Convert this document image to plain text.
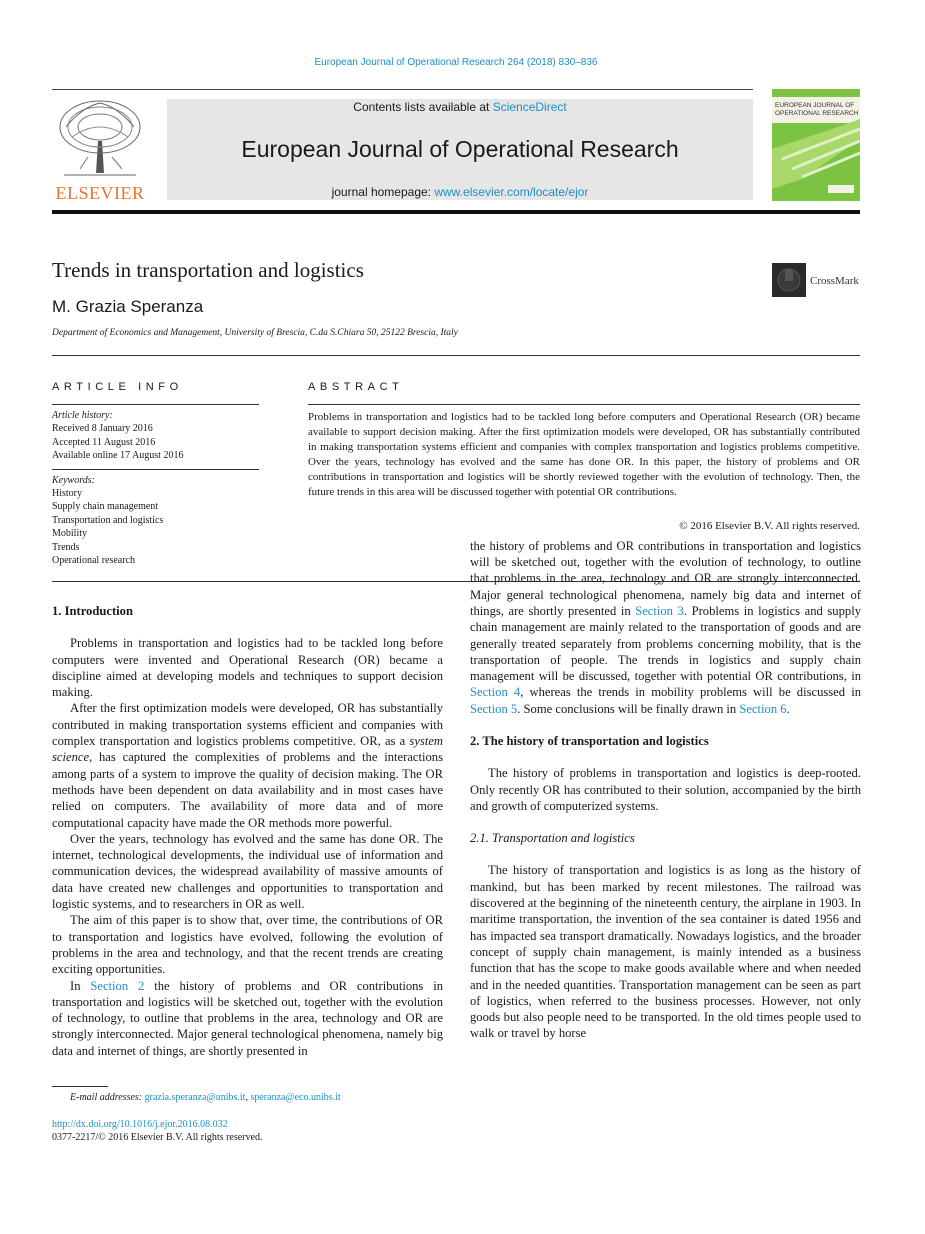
European Journal of Operational Research 264 (2018) 830–836
ELSEVIER
Contents lists available at ScienceDirect
European Journal of Operational Research
journal homepage: www.elsevier.com/locate/ejor
EUROPEAN JOURNAL OF OPERATIONAL RESEARCH
Trends in transportation and logistics	CrossMark
M. Grazia Speranza
Department of Economics and Management, University of Brescia, C.da S.Chiara 50, 25122 Brescia, Italy
ARTICLE INFO
Article history:
Received 8 January 2016
Accepted 11 August 2016
Available online 17 August 2016
Keywords:
History
Supply chain management
Transportation and logistics
Mobility
Trends
Operational research
ABSTRACT
Problems in transportation and logistics had to be tackled long before computers and Operational Research (OR) became available to support decision making. After the first optimization models were developed, OR has substantially contributed in making transportation systems efficient and companies with complex transportation and logistics problems competitive. Over the years, technology has evolved and the same has done OR. In this paper, the history of problems and OR contributions in transportation and logistics will be shortly reviewed together with the evolution of technology. Then, the future trends in this area will be discussed together with potential OR contributions.
© 2016 Elsevier B.V. All rights reserved.
1. Introduction

Problems in transportation and logistics had to be tackled long before computers were invented and Operational Research (OR) became a discipline aimed at developing models and techniques to support decision making.

After the first optimization models were developed, OR has substantially contributed in making transportation systems efficient and companies with complex transportation and logistics problems competitive. OR, as a system science, has captured the complexities of problems and the interactions among parts of a system to improve the quality of decision making. The OR methods have been dependent on data availability and in most cases have relied on computers. The availability of more data and of more computational capacity have made the OR methods more powerful.

Over the years, technology has evolved and the same has done OR. The internet, technological developments, the individual use of information and communication devices, the widespread availability of massive amounts of data have created new challenges and opportunities to transportation and logistic systems, and to researchers in OR as well.

The aim of this paper is to show that, over time, the contributions of OR to transportation and logistics have evolved, following the evolution of problems in the area and technology, and that the recent trends are creating exciting opportunities.

In Section 2 the history of problems and OR contributions in transportation and logistics will be sketched out, together with the evolution of technology, to outline that problems in the area, technology and OR are strongly interconnected. Major general technological phenomena, namely big data and internet of things, are shortly presented in

the history of problems and OR contributions in transportation and logistics will be sketched out, together with the evolution of technology, to outline that problems in the area, technology and OR are strongly interconnected. Major general technological phenomena, namely big data and internet of things, are shortly presented in Section 3. Problems in logistics and supply chain management are mainly related to the transportation of goods and are generally treated separately from problems concerning mobility, that is the transportation of people. The trends in logistics and supply chain management will be discussed, together with potential OR contributions, in Section 4, whereas the trends in mobility problems will be discussed in Section 5. Some conclusions will be finally drawn in Section 6.

2. The history of transportation and logistics

The history of problems in transportation and logistics is deep-rooted. Only recently OR has contributed to their solution, accompanied by the birth and growth of computerized systems.

2.1. Transportation and logistics

The history of transportation and logistics is as long as the history of mankind, but has been marked by recent milestones. The railroad was discovered at the beginning of the nineteenth century, the airplane in 1903. In maritime transportation, the invention of the sea container is dated 1956 and has impacted sea transport dramatically. Nowadays logistics, and the broader concept of supply chain management, is mainly intended as a business function that has the scope to make goods available where and when needed and in the needed quantities. Transportation management can be seen as part of logistics, when referred to the business processes. However, not only goods but also people need to be transported. In the old times people used to walk or travel by horse

E-mail addresses: grazia.speranza@unibs.it, speranza@eco.unibs.it
http://dx.doi.org/10.1016/j.ejor.2016.08.032
0377-2217/© 2016 Elsevier B.V. All rights reserved.
